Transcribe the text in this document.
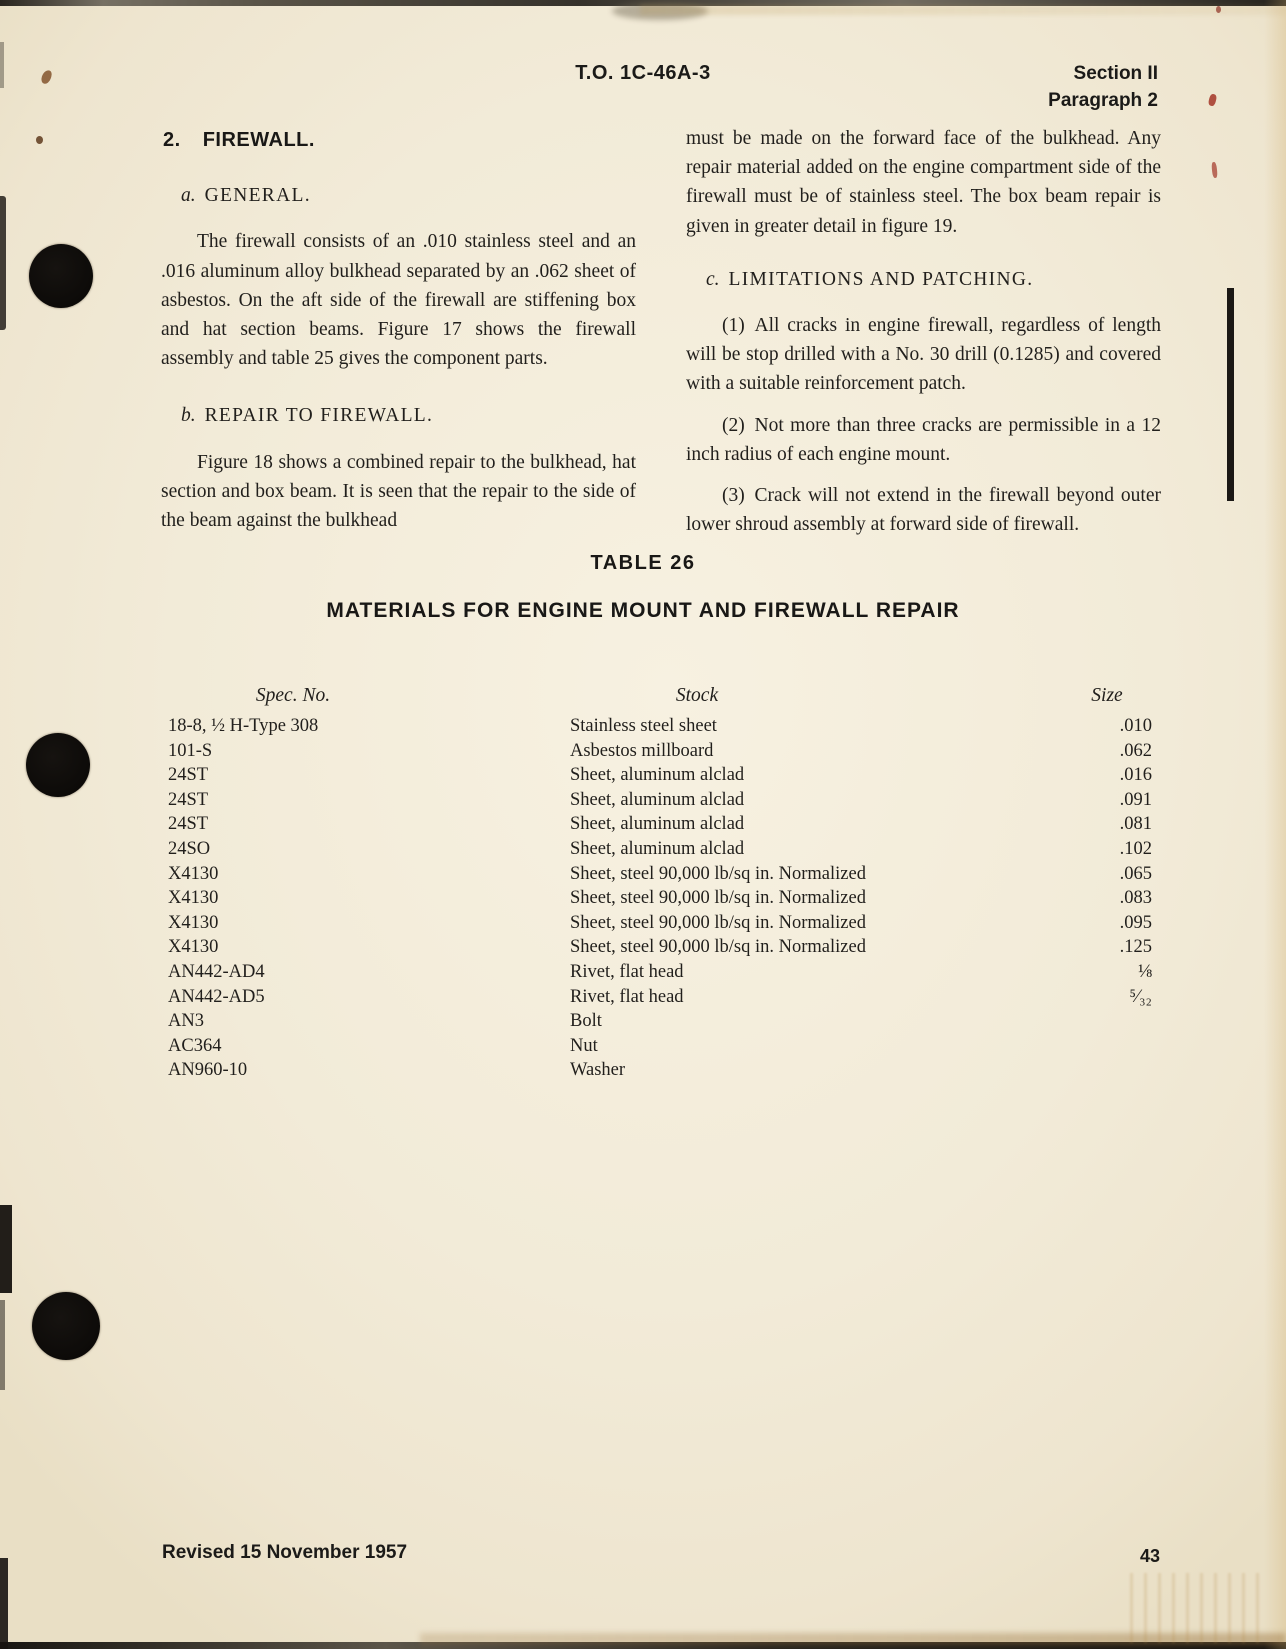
T.O. 1C-46A-3	Section II
Paragraph 2
2. FIREWALL.
a. GENERAL.

The firewall consists of an .010 stainless steel and an .016 aluminum alloy bulkhead separated by an .062 sheet of asbestos. On the aft side of the firewall are stiffening box and hat section beams. Figure 17 shows the firewall assembly and table 25 gives the component parts.

b. REPAIR TO FIREWALL.

Figure 18 shows a combined repair to the bulkhead, hat section and box beam. It is seen that the repair to the side of the beam against the bulkhead

must be made on the forward face of the bulkhead. Any repair material added on the engine compartment side of the firewall must be of stainless steel. The box beam repair is given in greater detail in figure 19.

c. LIMITATIONS AND PATCHING.

(1) All cracks in engine firewall, regardless of length will be stop drilled with a No. 30 drill (0.1285) and covered with a suitable reinforcement patch.

(2) Not more than three cracks are permissible in a 12 inch radius of each engine mount.

(3) Crack will not extend in the firewall beyond outer lower shroud assembly at forward side of firewall.

TABLE 26
MATERIALS FOR ENGINE MOUNT AND FIREWALL REPAIR
Spec. No.	Stock	Size
18-8, ½ H-Type 308	Stainless steel sheet	.010
101-S	Asbestos millboard	.062
24ST	Sheet, aluminum alclad	.016
24ST	Sheet, aluminum alclad	.091
24ST	Sheet, aluminum alclad	.081
24SO	Sheet, aluminum alclad	.102
X4130	Sheet, steel 90,000 lb/sq in. Normalized	.065
X4130	Sheet, steel 90,000 lb/sq in. Normalized	.083
X4130	Sheet, steel 90,000 lb/sq in. Normalized	.095
X4130	Sheet, steel 90,000 lb/sq in. Normalized	.125
AN442-AD4	Rivet, flat head	⅛
AN442-AD5	Rivet, flat head	⁵⁄₃₂
AN3	Bolt
AC364	Nut
AN960-10	Washer
Revised 15 November 1957	43
